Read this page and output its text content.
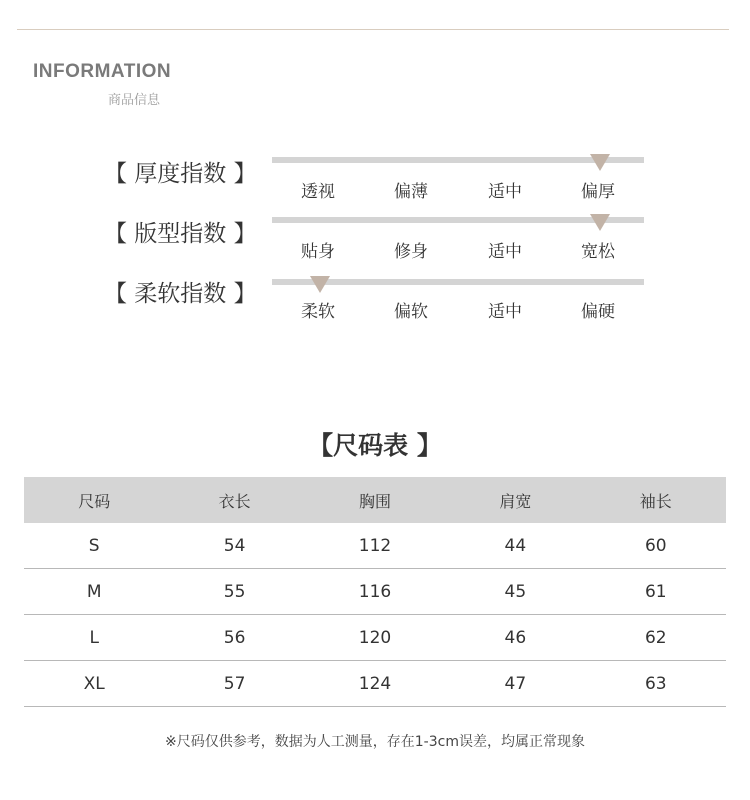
INFORMATION
商品信息
【 厚度指数 】
透视	偏薄	适中	偏厚
【 版型指数 】
贴身	修身	适中	宽松
【 柔软指数 】
柔软	偏软	适中	偏硬
【尺码表 】
尺码	衣长	胸围	肩宽	袖长
S	54	112	44	60
M	55	116	45	61
L	56	120	46	62
XL	57	124	47	63
※尺码仅供参考，数据为人工测量，存在1-3cm误差，均属正常现象
